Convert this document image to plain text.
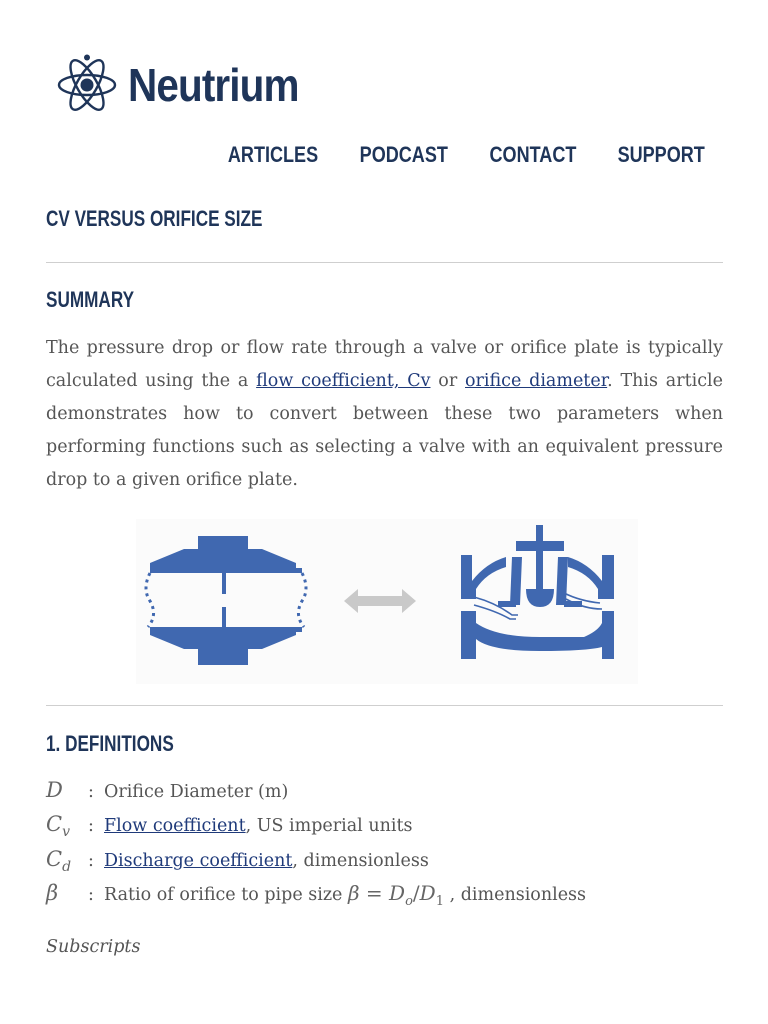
Neutrium
ARTICLES PODCAST CONTACT SUPPORT
CV VERSUS ORIFICE SIZE
SUMMARY

The pressure drop or flow rate through a valve or orifice plate is typically calculated using the a flow coefficient, Cv or orifice diameter. This article demonstrates how to convert between these two parameters when performing functions such as selecting a valve with an equivalent pressure drop to a given orifice plate.

1. DEFINITIONS
D	: Orifice Diameter (m)
$C_v$	: Flow coefficient, US imperial units
$C_d$ : Discharge coefficient, dimensionless
β	: Ratio of orifice to pipe size $\beta = D_o/D_1$ , dimensionless
Subscripts
